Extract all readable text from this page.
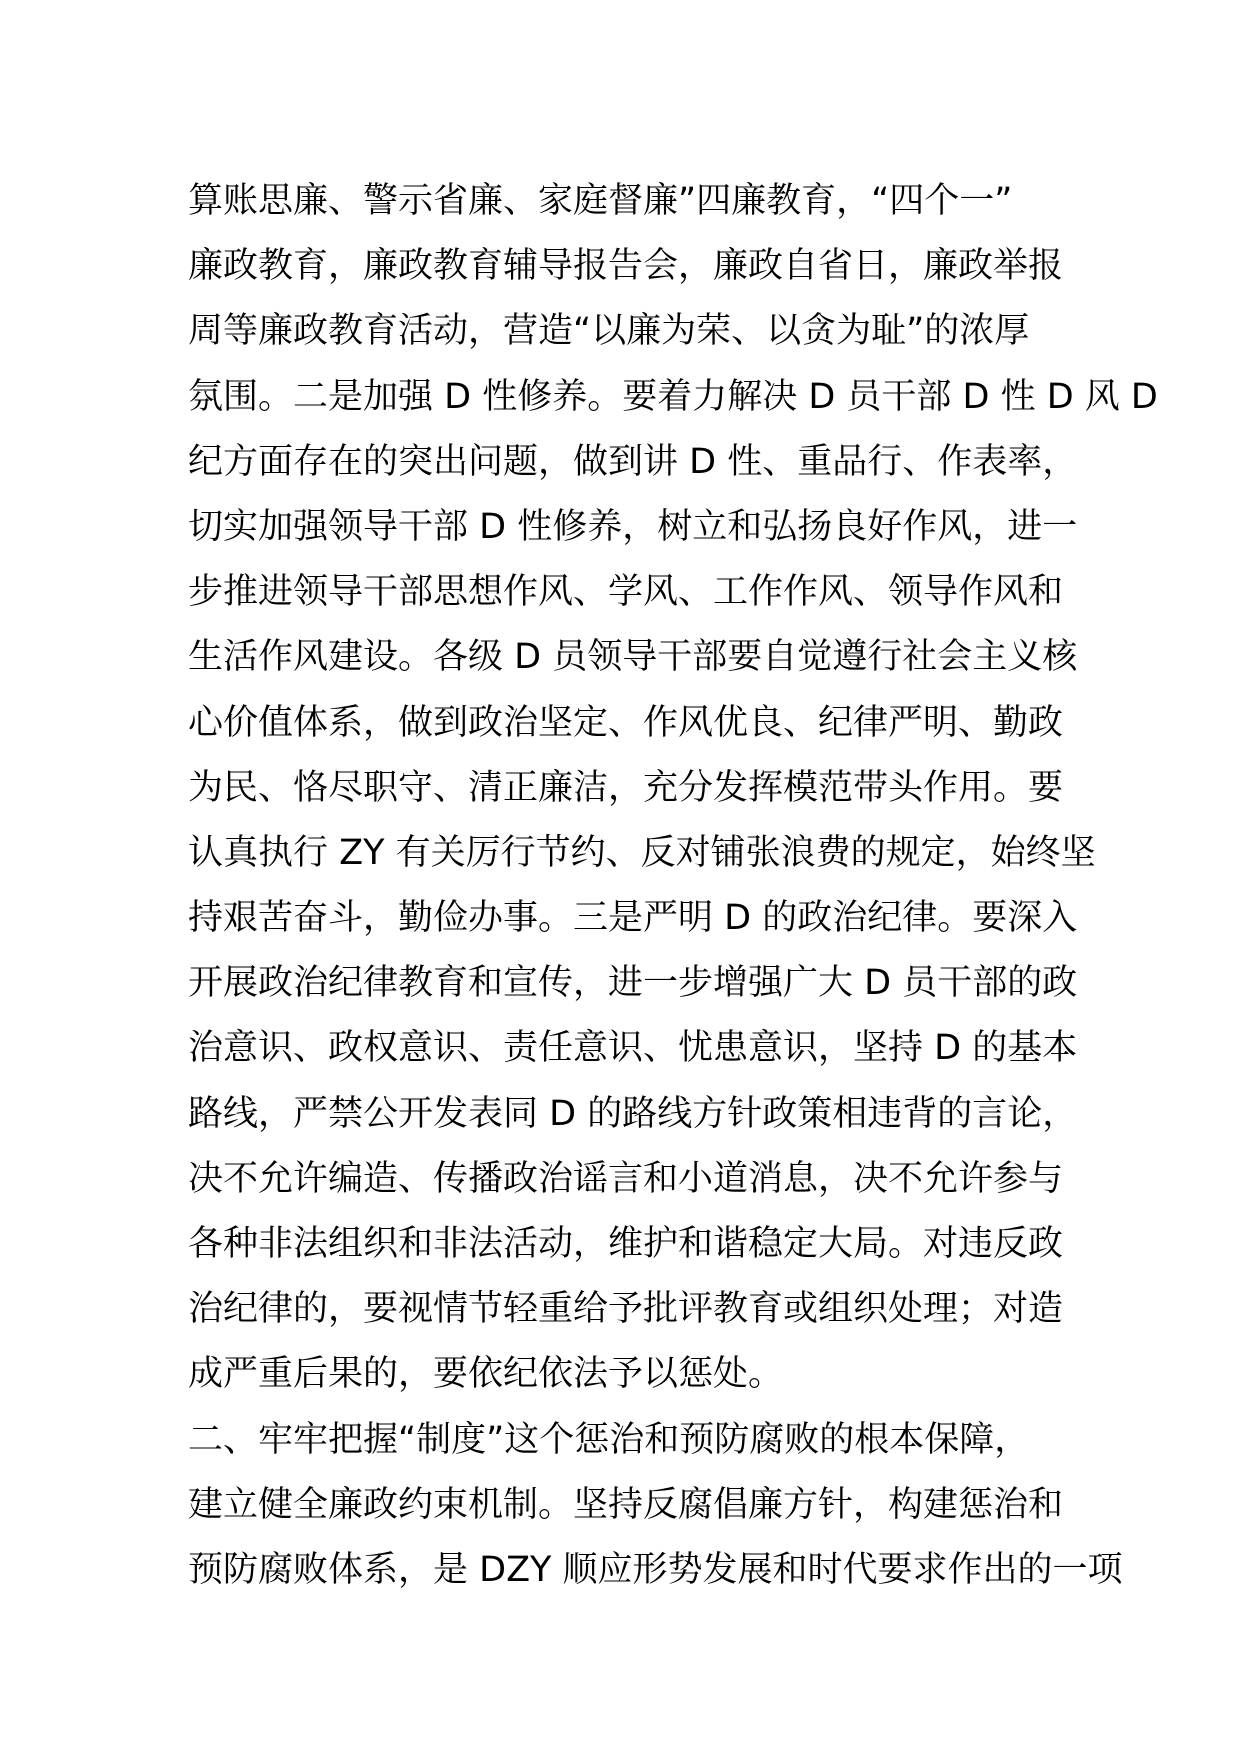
算账思廉、警示省廉、家庭督廉”四廉教育，“四个一”
廉政教育，廉政教育辅导报告会，廉政自省日，廉政举报
周等廉政教育活动，营造“以廉为荣、以贪为耻”的浓厚
氛围。二是加强 D 性修养。要着力解决 D 员干部 D 性 D 风 D
纪方面存在的突出问题，做到讲 D 性、重品行、作表率，
切实加强领导干部 D 性修养，树立和弘扬良好作风，进一
步推进领导干部思想作风、学风、工作作风、领导作风和
生活作风建设。各级 D 员领导干部要自觉遵行社会主义核
心价值体系，做到政治坚定、作风优良、纪律严明、勤政
为民、恪尽职守、清正廉洁，充分发挥模范带头作用。要
认真执行 ZY 有关厉行节约、反对铺张浪费的规定，始终坚
持艰苦奋斗，勤俭办事。三是严明 D 的政治纪律。要深入
开展政治纪律教育和宣传，进一步增强广大 D 员干部的政
治意识、政权意识、责任意识、忧患意识，坚持 D 的基本
路线，严禁公开发表同 D 的路线方针政策相违背的言论，
决不允许编造、传播政治谣言和小道消息，决不允许参与
各种非法组织和非法活动，维护和谐稳定大局。对违反政
治纪律的，要视情节轻重给予批评教育或组织处理；对造
成严重后果的，要依纪依法予以惩处。
二、牢牢把握“制度”这个惩治和预防腐败的根本保障，
建立健全廉政约束机制。坚持反腐倡廉方针，构建惩治和
预防腐败体系，是 DZY 顺应形势发展和时代要求作出的一项
